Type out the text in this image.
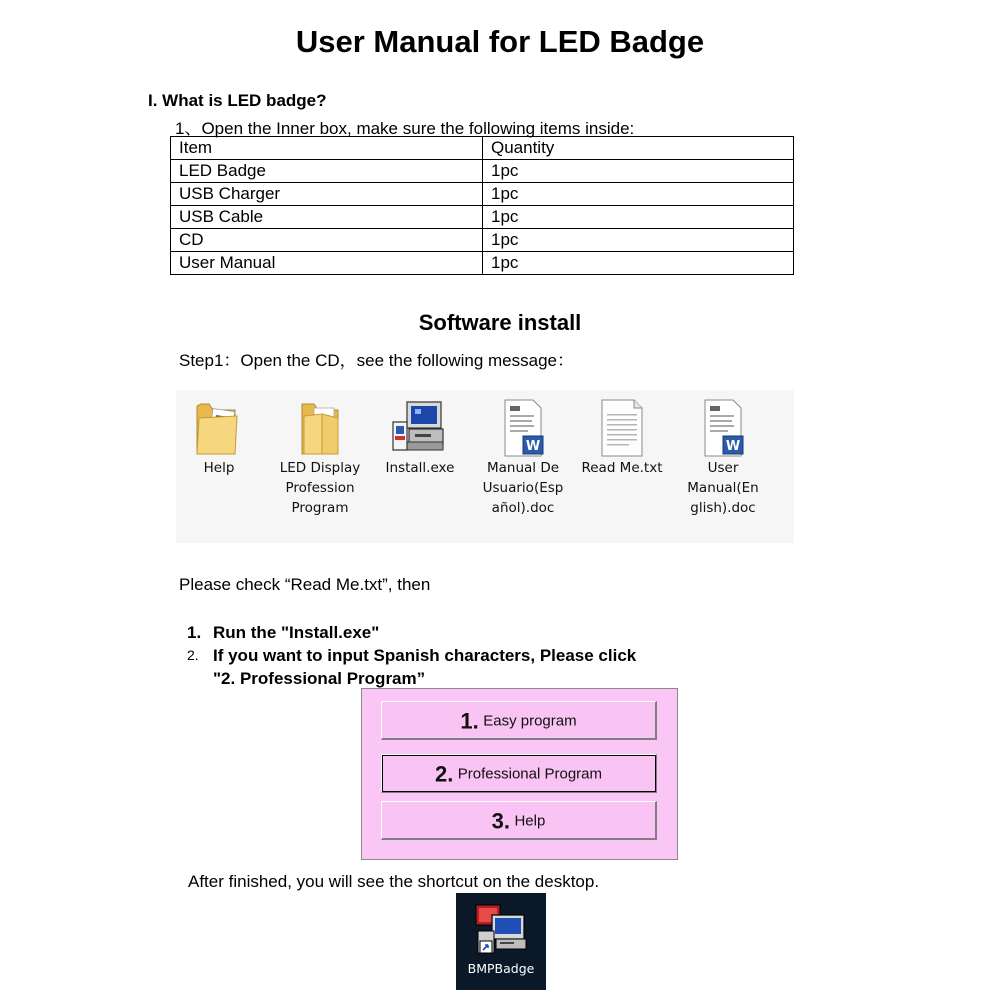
User Manual for LED Badge
I. What is LED badge?
1、Open the Inner box, make sure the following items inside:
Item	Quantity
LED Badge	1pc
USB Charger	1pc
USB Cable	1pc
CD	1pc
User Manual	1pc
Software install
Step1：Open the CD，see the following message：
Help	LED Display
Profession
Program
Install.exe
W
Manual De
Usuario(Esp
añol).doc
Read Me.txt
W
User
Manual(En
glish).doc
Please check “Read Me.txt”, then
1. Run the "Install.exe"
2. If you want to input Spanish characters, Please click
"2. Professional Program”
1. Easy program
2. Professional Program
3. Help
After finished, you will see the shortcut on the desktop.
BMPBadge
